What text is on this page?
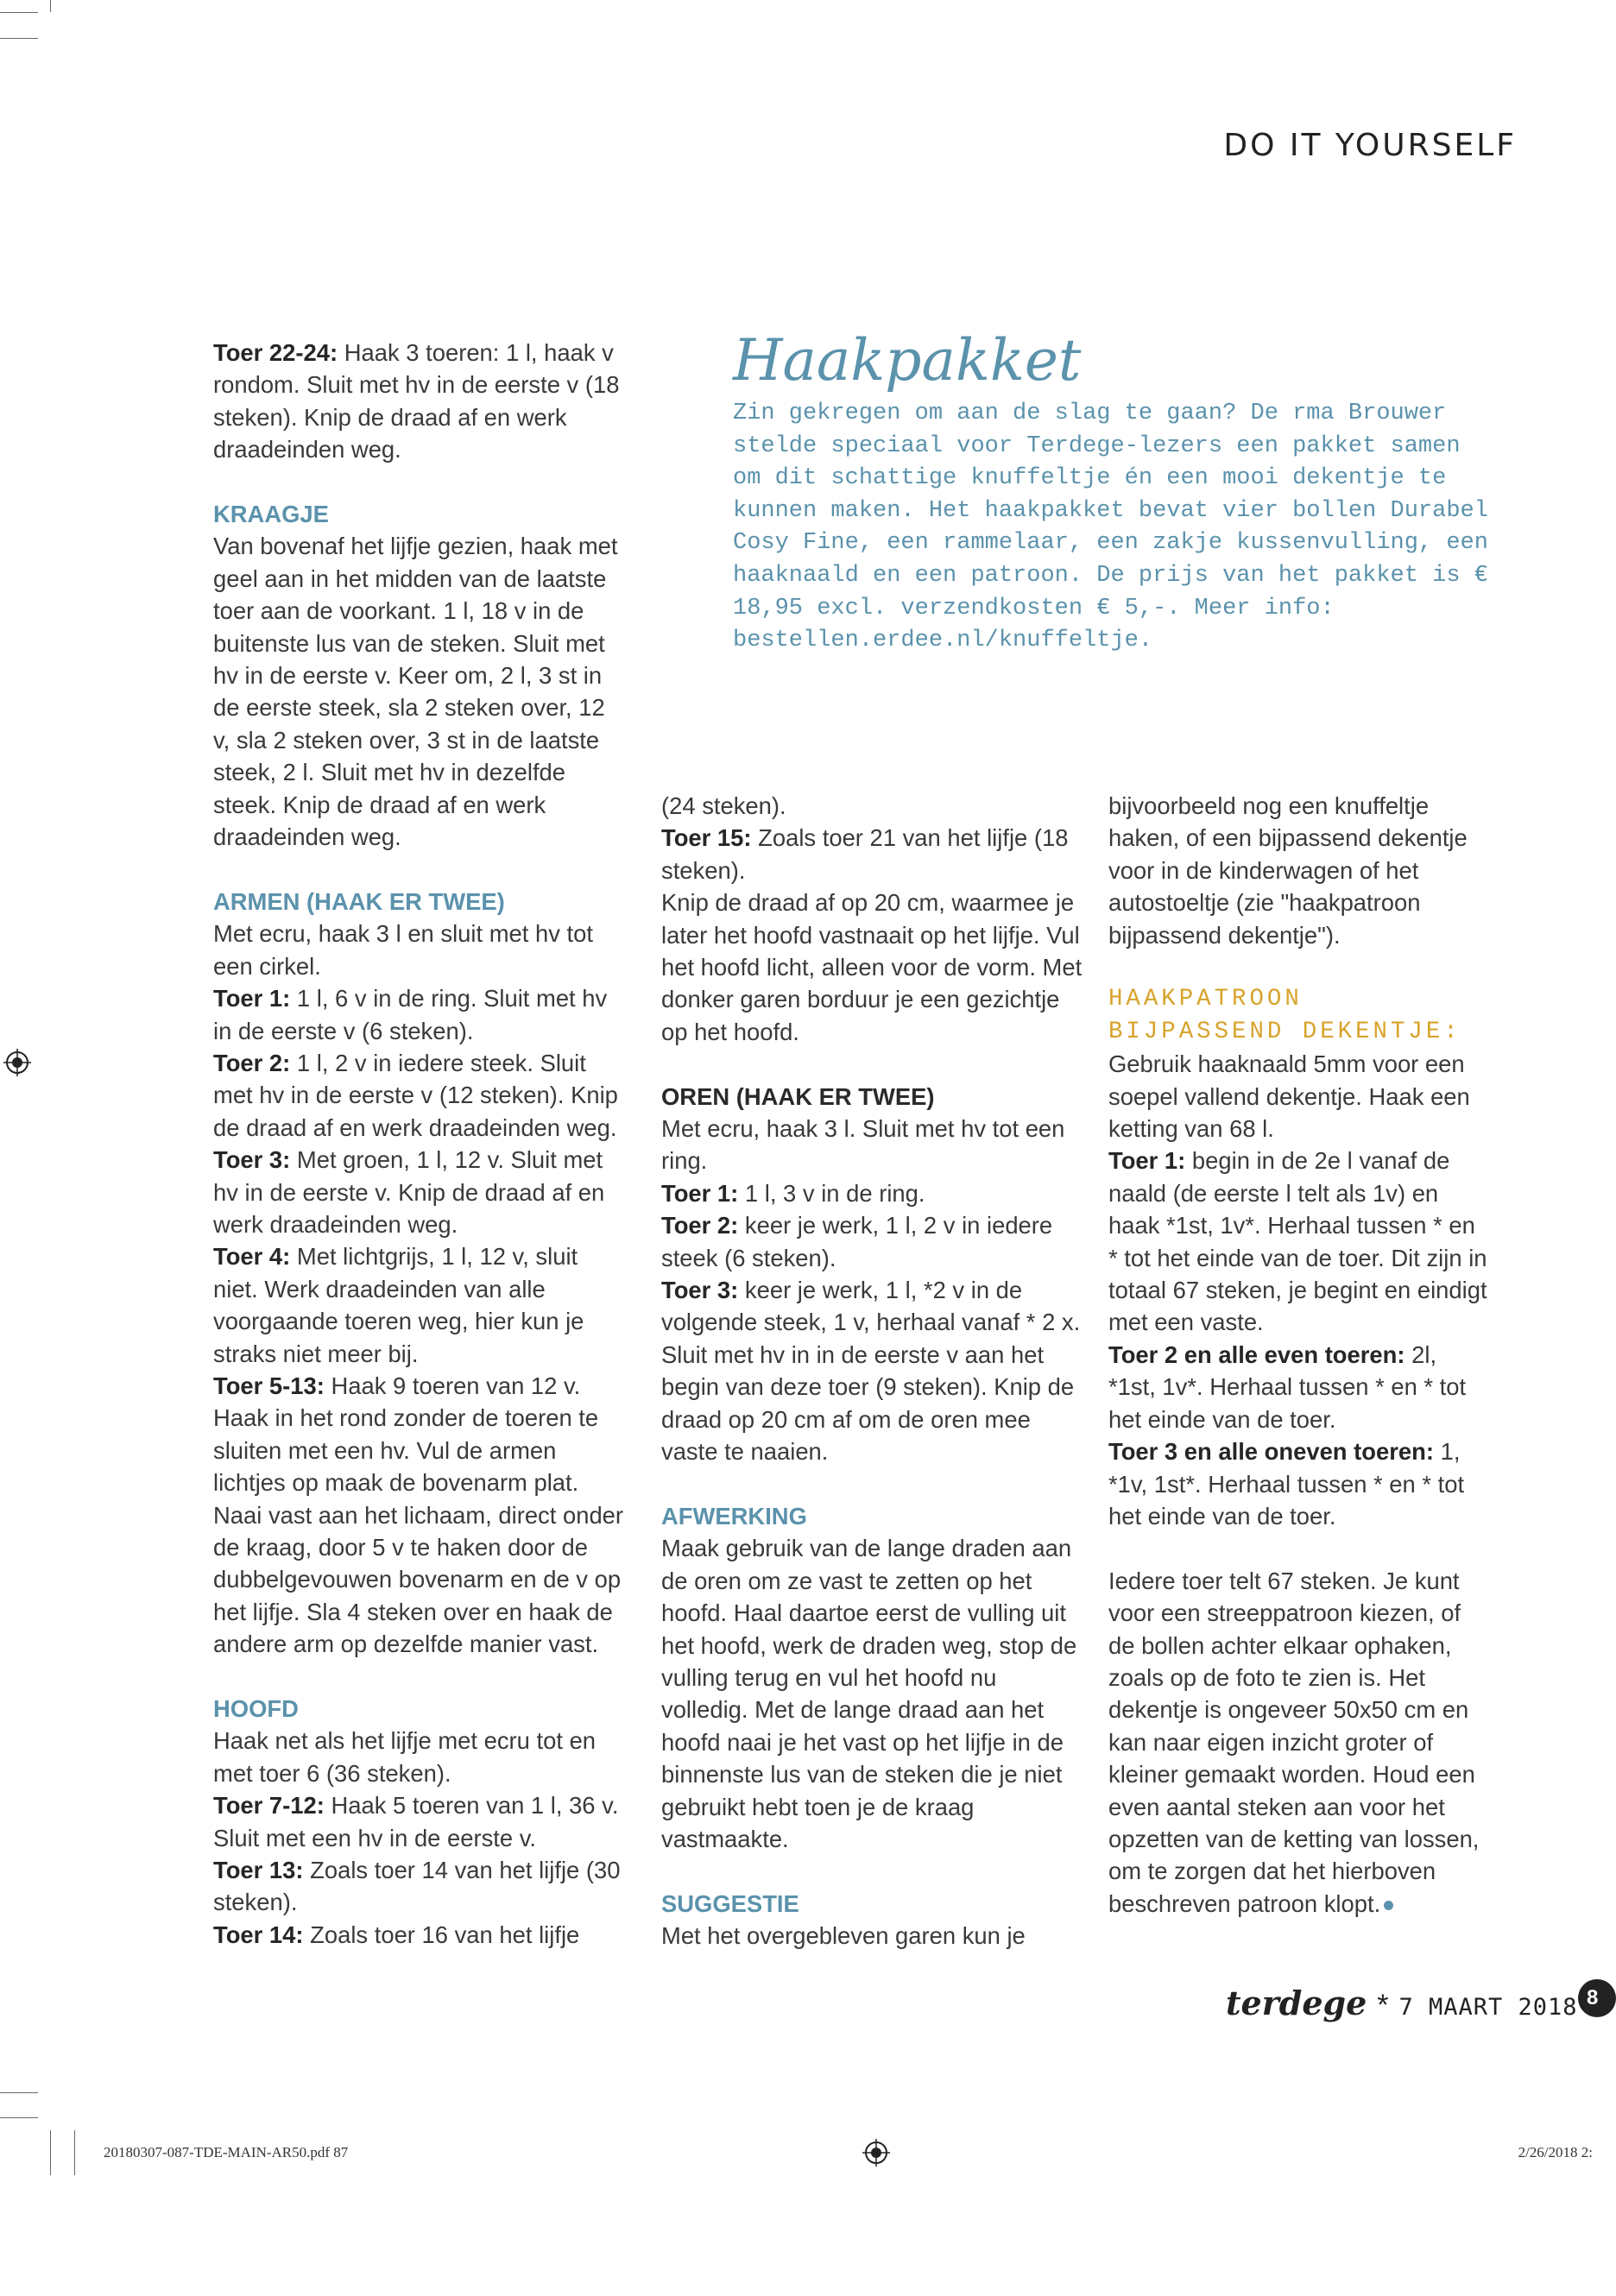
DO IT YOURSELF

Toer 22-24: Haak 3 toeren: 1 l, haak v rondom. Sluit met hv in de eerste v (18 steken). Knip de draad af en werk draadeinden weg.

KRAAGJE

Van bovenaf het lijfje gezien, haak met geel aan in het midden van de laatste toer aan de voorkant. 1 l, 18 v in de buitenste lus van de steken. Sluit met hv in de eerste v. Keer om, 2 l, 3 st in de eerste steek, sla 2 steken over, 12 v, sla 2 steken over, 3 st in de laatste steek, 2 l. Sluit met hv in dezelfde steek. Knip de draad af en werk draadeinden weg.

ARMEN (HAAK ER TWEE)

Met ecru, haak 3 l en sluit met hv tot een cirkel.

Toer 1: 1 l, 6 v in de ring. Sluit met hv in de eerste v (6 steken).

Toer 2: 1 l, 2 v in iedere steek. Sluit met hv in de eerste v (12 steken). Knip de draad af en werk draadeinden weg.

Toer 3: Met groen, 1 l, 12 v. Sluit met hv in de eerste v. Knip de draad af en werk draadeinden weg.

Toer 4: Met lichtgrijs, 1 l, 12 v, sluit niet. Werk draadeinden van alle voorgaande toeren weg, hier kun je straks niet meer bij.

Toer 5-13: Haak 9 toeren van 12 v. Haak in het rond zonder de toeren te sluiten met een hv. Vul de armen lichtjes op maak de bovenarm plat. Naai vast aan het lichaam, direct onder de kraag, door 5 v te haken door de dubbelgevouwen bovenarm en de v op het lijfje. Sla 4 steken over en haak de andere arm op dezelfde manier vast.

HOOFD

Haak net als het lijfje met ecru tot en met toer 6 (36 steken).

Toer 7-12: Haak 5 toeren van 1 l, 36 v. Sluit met een hv in de eerste v.

Toer 13: Zoals toer 14 van het lijfje (30 steken).

Toer 14: Zoals toer 16 van het lijfje

Haakpakket

Zin gekregen om aan de slag te gaan? De rma Brouwer stelde speciaal voor Terdege-lezers een pakket samen om dit schattige knuffeltje én een mooi dekentje te kunnen maken. Het haakpakket bevat vier bollen Durabel Cosy Fine, een rammelaar, een zakje kussenvulling, een haaknaald en een patroon. De prijs van het pakket is € 18,95 excl. verzendkosten € 5,-. Meer info: bestellen.erdee.nl/knuffeltje.

(24 steken).

Toer 15: Zoals toer 21 van het lijfje (18 steken).

Knip de draad af op 20 cm, waarmee je later het hoofd vastnaait op het lijfje. Vul het hoofd licht, alleen voor de vorm. Met donker garen borduur je een gezichtje op het hoofd.

OREN (HAAK ER TWEE)

Met ecru, haak 3 l. Sluit met hv tot een ring.

Toer 1: 1 l, 3 v in de ring.

Toer 2: keer je werk, 1 l, 2 v in iedere steek (6 steken).

Toer 3: keer je werk, 1 l, *2 v in de volgende steek, 1 v, herhaal vanaf * 2 x. Sluit met hv in in de eerste v aan het begin van deze toer (9 steken). Knip de draad op 20 cm af om de oren mee vaste te naaien.

AFWERKING

Maak gebruik van de lange draden aan de oren om ze vast te zetten op het hoofd. Haal daartoe eerst de vulling uit het hoofd, werk de draden weg, stop de vulling terug en vul het hoofd nu volledig. Met de lange draad aan het hoofd naai je het vast op het lijfje in de binnenste lus van de steken die je niet gebruikt hebt toen je de kraag vastmaakte.

SUGGESTIE

Met het overgebleven garen kun je

bijvoorbeeld nog een knuffeltje haken, of een bijpassend dekentje voor in de kinderwagen of het autostoeltje (zie "haakpatroon bijpassend dekentje").

HAAKPATROON BIJPASSEND DEKENTJE:

Gebruik haaknaald 5mm voor een soepel vallend dekentje. Haak een ketting van 68 l.

Toer 1: begin in de 2e l vanaf de naald (de eerste l telt als 1v) en haak *1st, 1v*. Herhaal tussen * en * tot het einde van de toer. Dit zijn in totaal 67 steken, je begint en eindigt met een vaste.

Toer 2 en alle even toeren: 2l, *1st, 1v*. Herhaal tussen * en * tot het einde van de toer.

Toer 3 en alle oneven toeren: 1, *1v, 1st*. Herhaal tussen * en * tot het einde van de toer.

Iedere toer telt 67 steken. Je kunt voor een streeppatroon kiezen, of de bollen achter elkaar ophaken, zoals op de foto te zien is. Het dekentje is ongeveer 50x50 cm en kan naar eigen inzicht groter of kleiner gemaakt worden. Houd een even aantal steken aan voor het opzetten van de ketting van lossen, om te zorgen dat het hierboven beschreven patroon klopt.

terdege * 7 MAART 2018 8
20180307-087-TDE-MAIN-AR50.pdf 87	2/26/2018 2:
